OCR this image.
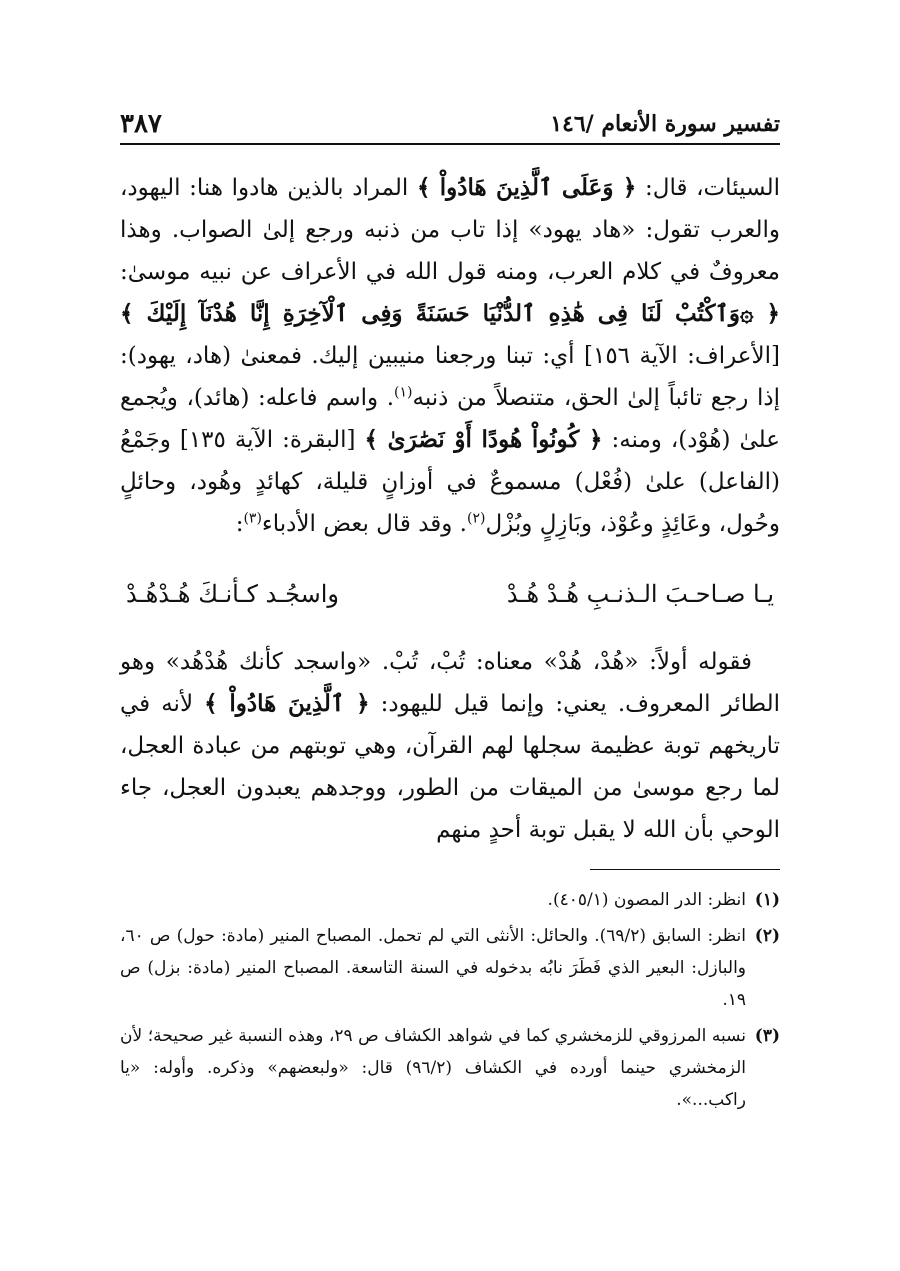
تفسير سورة الأنعام /١٤٦
٣٨٧

السيئات، قال: ﴿ وَعَلَى ٱلَّذِينَ هَادُواْ ﴾ المراد بالذين هادوا هنا: اليهود، والعرب تقول: «هاد يهود» إذا تاب من ذنبه ورجع إلىٰ الصواب. وهذا معروفٌ في كلام العرب، ومنه قول الله في الأعراف عن نبيه موسىٰ: ﴿ ۞وَٱكْتُبْ لَنَا فِى هَٰذِهِ ٱلدُّنْيَا حَسَنَةً وَفِى ٱلْآخِرَةِ إِنَّا هُدْنَآ إِلَيْكَ ﴾ [الأعراف: الآية ١٥٦] أي: تبنا ورجعنا منيبين إليك. فمعنىٰ (هاد، يهود): إذا رجع تائباً إلىٰ الحق، متنصلاً من ذنبه$^{(١)}$. واسم فاعله: (هائد)، ويُجمع علىٰ (هُوْد)، ومنه: ﴿ كُونُواْ هُودًا أَوْ نَصَٰرَىٰ ﴾ [البقرة: الآية ١٣٥] وجَمْعُ (الفاعل) علىٰ (فُعْل) مسموعٌ في أوزانٍ قليلة، كهائدٍ وهُود، وحائلٍ وحُول، وعَائِذٍ وعُوْذ، وبَازِلٍ وبُزْل$^{(٢)}$. وقد قال بعض الأدباء$^{(٣)}$:

يـا صـاحـبَ الـذنـبِ هُـدْ هُـدْ
واسجُـد كـأنـكَ هُـدْهُـدْ

فقوله أولاً: «هُدْ، هُدْ» معناه: تُبْ، تُبْ. «واسجد كأنك هُدْهُد» وهو الطائر المعروف. يعني: وإنما قيل لليهود: ﴿ ٱلَّذِينَ هَادُواْ ﴾ لأنه في تاريخهم توبة عظيمة سجلها لهم القرآن، وهي توبتهم من عبادة العجل، لما رجع موسىٰ من الميقات من الطور، ووجدهم يعبدون العجل، جاء الوحي بأن الله لا يقبل توبة أحدٍ منهم

(١)
انظر: الدر المصون (٤٠٥/١).
(٢)
انظر: السابق (٦٩/٢). والحائل: الأنثى التي لم تحمل. المصباح المنير (مادة: حول) ص ٦٠، والبازل: البعير الذي فَطَرَ نابُه بدخوله في السنة التاسعة. المصباح المنير (مادة: بزل) ص ١٩.
(٣)
نسبه المرزوقي للزمخشري كما في شواهد الكشاف ص ٢٩، وهذه النسبة غير صحيحة؛ لأن الزمخشري حينما أورده في الكشاف (٩٦/٢) قال: «ولبعضهم» وذكره. وأوله: «يا راكب...».
